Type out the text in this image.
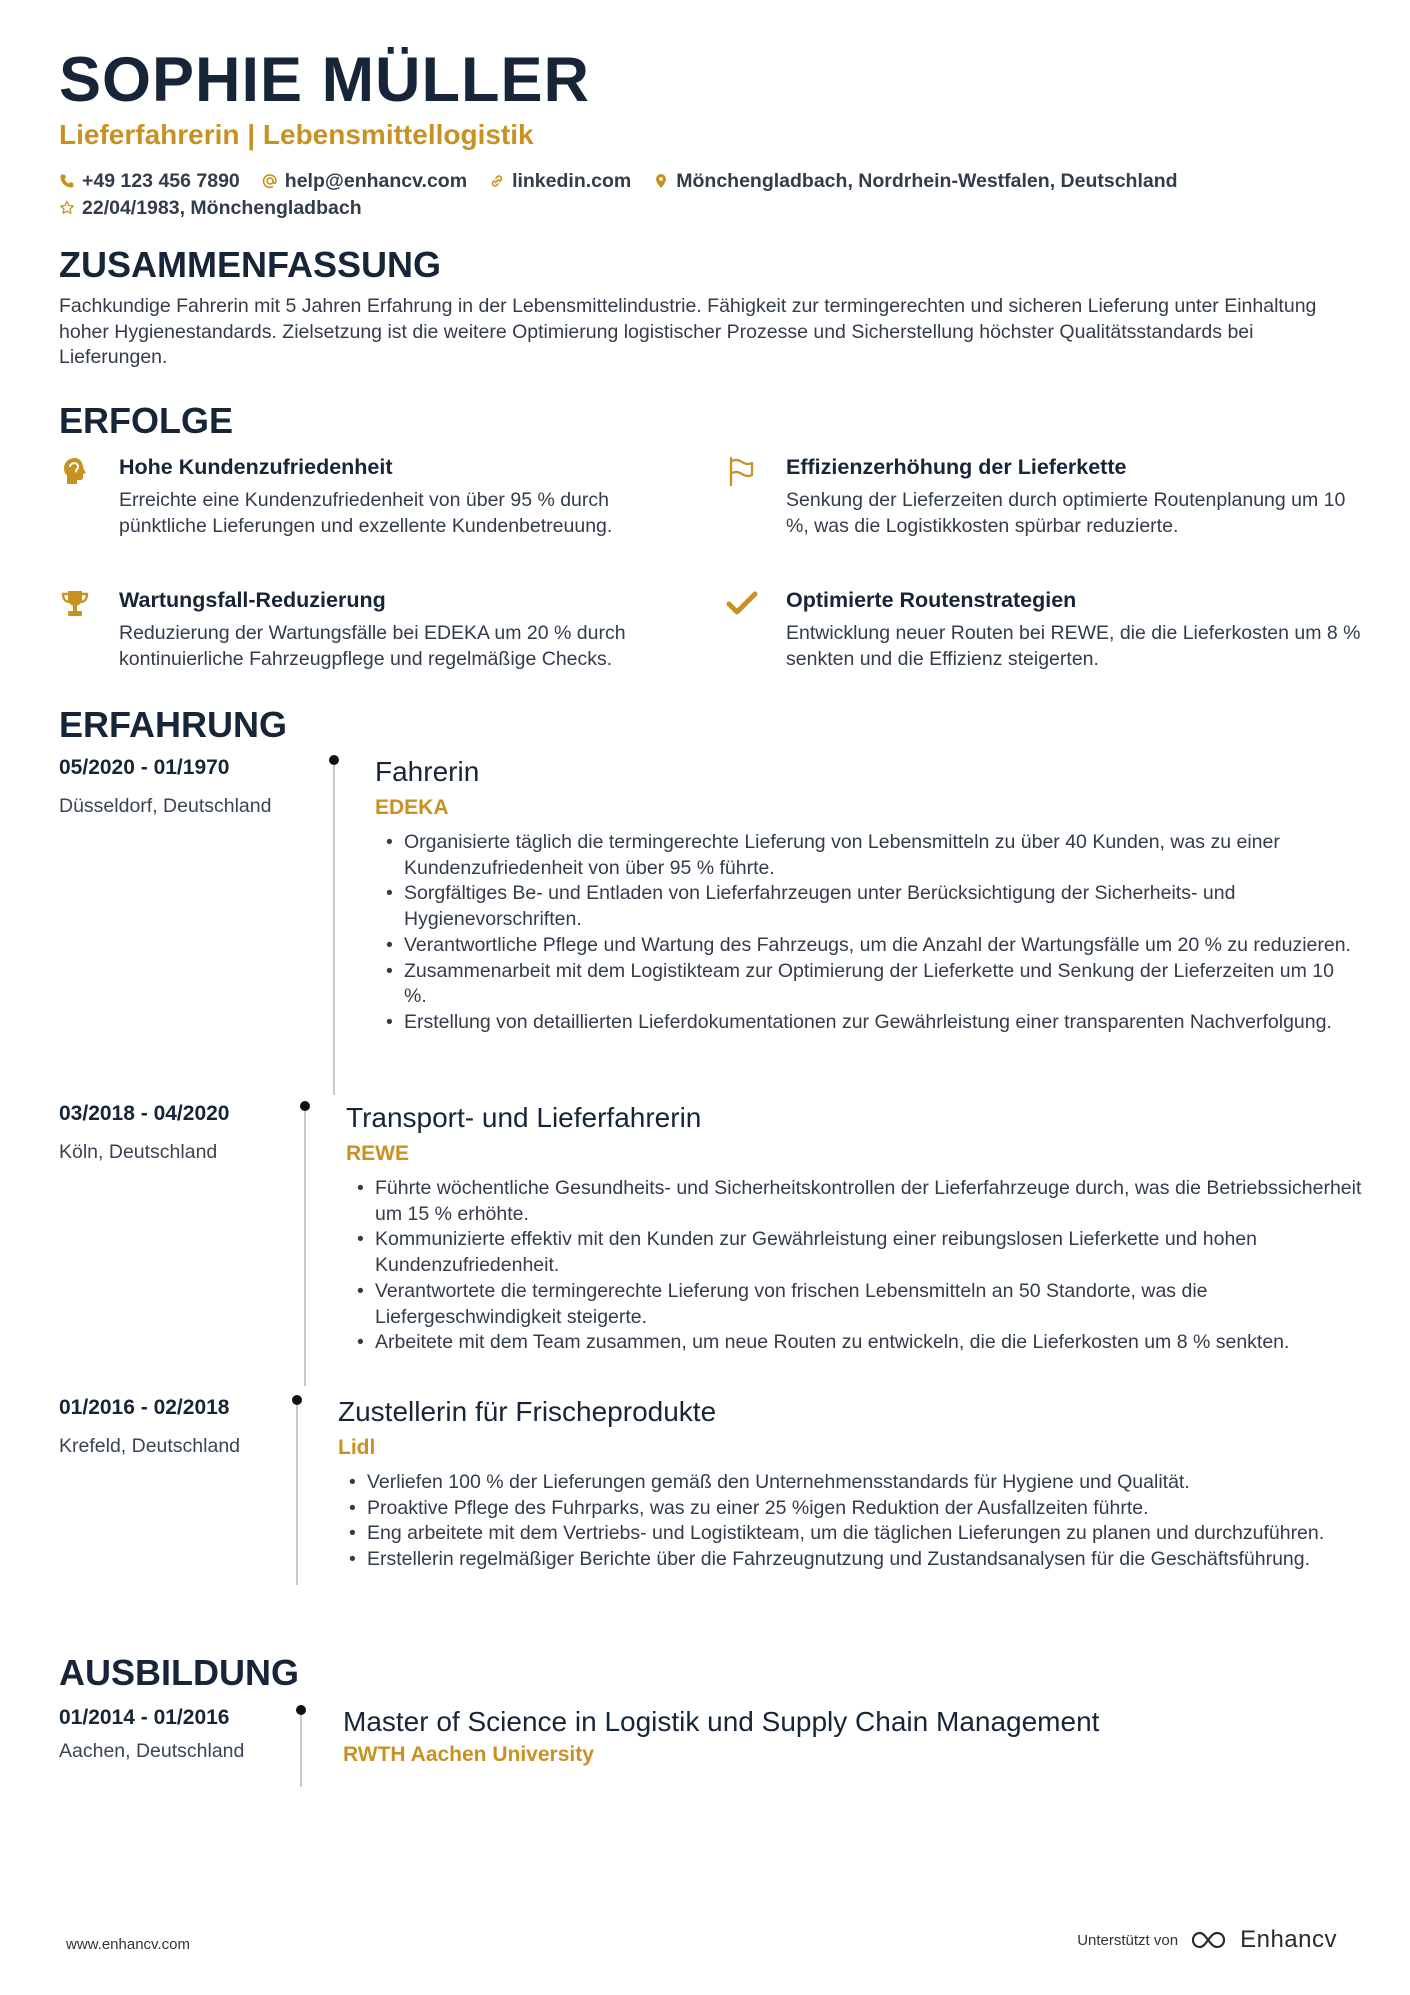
SOPHIE MÜLLER
Lieferfahrerin | Lebensmittellogistik
+49 123 456 7890 help@enhancv.com linkedin.com Mönchengladbach, Nordrhein-Westfalen, Deutschland
22/04/1983, Mönchengladbach
ZUSAMMENFASSUNG
Fachkundige Fahrerin mit 5 Jahren Erfahrung in der Lebensmittelindustrie. Fähigkeit zur termingerechten und sicheren Lieferung unter Einhaltung hoher Hygienestandards. Zielsetzung ist die weitere Optimierung logistischer Prozesse und Sicherstellung höchster Qualitätsstandards bei Lieferungen.
ERFOLGE
Hohe Kundenzufriedenheit
Erreichte eine Kundenzufriedenheit von über 95 % durch pünktliche Lieferungen und exzellente Kundenbetreuung.
Effizienzerhöhung der Lieferkette
Senkung der Lieferzeiten durch optimierte Routenplanung um 10 %, was die Logistikkosten spürbar reduzierte.
Wartungsfall-Reduzierung
Reduzierung der Wartungsfälle bei EDEKA um 20 % durch kontinuierliche Fahrzeugpflege und regelmäßige Checks.
Optimierte Routenstrategien
Entwicklung neuer Routen bei REWE, die die Lieferkosten um 8 % senkten und die Effizienz steigerten.
ERFAHRUNG
05/2020 - 01/1970
Düsseldorf, Deutschland
Fahrerin
EDEKA
• Organisierte täglich die termingerechte Lieferung von Lebensmitteln zu über 40 Kunden, was zu einer Kundenzufriedenheit von über 95 % führte.
• Sorgfältiges Be- und Entladen von Lieferfahrzeugen unter Berücksichtigung der Sicherheits- und Hygienevorschriften.
• Verantwortliche Pflege und Wartung des Fahrzeugs, um die Anzahl der Wartungsfälle um 20 % zu reduzieren.
• Zusammenarbeit mit dem Logistikteam zur Optimierung der Lieferkette und Senkung der Lieferzeiten um 10 %.
• Erstellung von detaillierten Lieferdokumentationen zur Gewährleistung einer transparenten Nachverfolgung.
03/2018 - 04/2020
Köln, Deutschland
Transport- und Lieferfahrerin
REWE
• Führte wöchentliche Gesundheits- und Sicherheitskontrollen der Lieferfahrzeuge durch, was die Betriebssicherheit um 15 % erhöhte.
• Kommunizierte effektiv mit den Kunden zur Gewährleistung einer reibungslosen Lieferkette und hohen Kundenzufriedenheit.
• Verantwortete die termingerechte Lieferung von frischen Lebensmitteln an 50 Standorte, was die Liefergeschwindigkeit steigerte.
• Arbeitete mit dem Team zusammen, um neue Routen zu entwickeln, die die Lieferkosten um 8 % senkten.
01/2016 - 02/2018
Krefeld, Deutschland
Zustellerin für Frischeprodukte
Lidl
• Verliefen 100 % der Lieferungen gemäß den Unternehmensstandards für Hygiene und Qualität.
• Proaktive Pflege des Fuhrparks, was zu einer 25 %igen Reduktion der Ausfallzeiten führte.
• Eng arbeitete mit dem Vertriebs- und Logistikteam, um die täglichen Lieferungen zu planen und durchzuführen.
• Erstellerin regelmäßiger Berichte über die Fahrzeugnutzung und Zustandsanalysen für die Geschäftsführung.
AUSBILDUNG
01/2014 - 01/2016
Aachen, Deutschland
Master of Science in Logistik und Supply Chain Management
RWTH Aachen University
www.enhancv.com	Unterstützt von	Enhancv
